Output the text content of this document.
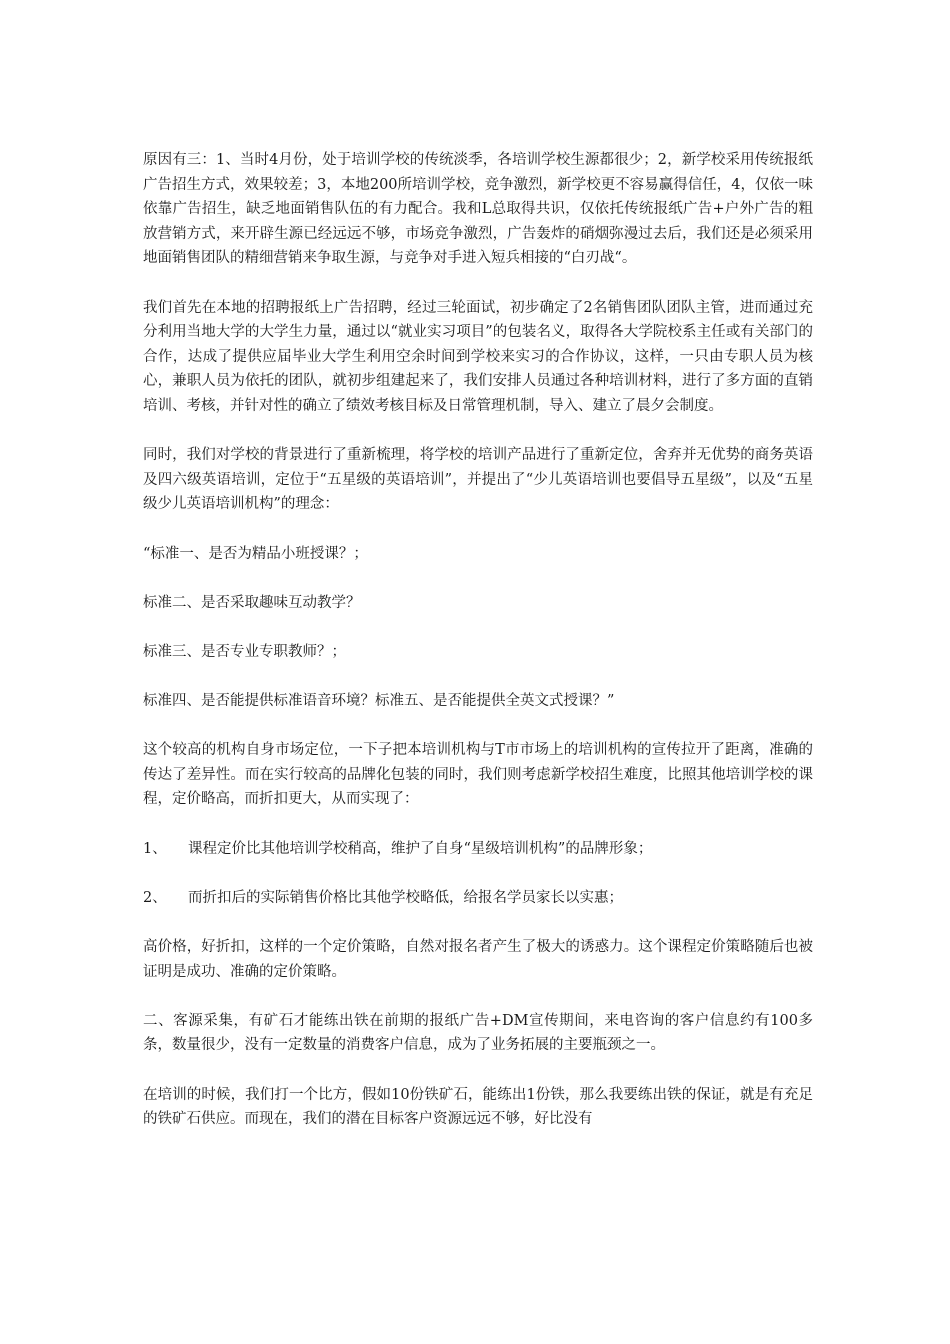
原因有三：1、当时4月份，处于培训学校的传统淡季，各培训学校生源都很少；2，新学校采用传统报纸广告招生方式，效果较差；3，本地200所培训学校，竞争激烈，新学校更不容易赢得信任，4，仅依一味依靠广告招生，缺乏地面销售队伍的有力配合。我和L总取得共识，仅依托传统报纸广告+户外广告的粗放营销方式，来开辟生源已经远远不够，市场竞争激烈，广告轰炸的硝烟弥漫过去后，我们还是必须采用地面销售团队的精细营销来争取生源，与竞争对手进入短兵相接的“白刃战“。

我们首先在本地的招聘报纸上广告招聘，经过三轮面试，初步确定了2名销售团队团队主管，进而通过充分利用当地大学的大学生力量，通过以“就业实习项目”的包装名义，取得各大学院校系主任或有关部门的合作，达成了提供应届毕业大学生利用空余时间到学校来实习的合作协议，这样，一只由专职人员为核心，兼职人员为依托的团队，就初步组建起来了，我们安排人员通过各种培训材料，进行了多方面的直销培训、考核，并针对性的确立了绩效考核目标及日常管理机制，导入、建立了晨夕会制度。

同时，我们对学校的背景进行了重新梳理，将学校的培训产品进行了重新定位，舍弃并无优势的商务英语及四六级英语培训，定位于“五星级的英语培训”，并提出了“少儿英语培训也要倡导五星级”，以及“五星级少儿英语培训机构”的理念：

“标准一、是否为精品小班授课？；

标准二、是否采取趣味互动教学？

标准三、是否专业专职教师？；

标准四、是否能提供标准语音环境？标准五、是否能提供全英文式授课？”

这个较高的机构自身市场定位，一下子把本培训机构与T市市场上的培训机构的宣传拉开了距离，准确的传达了差异性。而在实行较高的品牌化包装的同时，我们则考虑新学校招生难度，比照其他培训学校的课程，定价略高，而折扣更大，从而实现了：

1、	课程定价比其他培训学校稍高，维护了自身“星级培训机构”的品牌形象；
2、	而折扣后的实际销售价格比其他学校略低，给报名学员家长以实惠；

高价格，好折扣，这样的一个定价策略，自然对报名者产生了极大的诱惑力。这个课程定价策略随后也被证明是成功、准确的定价策略。

二、客源采集，有矿石才能练出铁在前期的报纸广告+DM宣传期间，来电咨询的客户信息约有100多条，数量很少，没有一定数量的消费客户信息，成为了业务拓展的主要瓶颈之一。

在培训的时候，我们打一个比方，假如10份铁矿石，能练出1份铁，那么我要练出铁的保证，就是有充足的铁矿石供应。而现在，我们的潜在目标客户资源远远不够，好比没有
